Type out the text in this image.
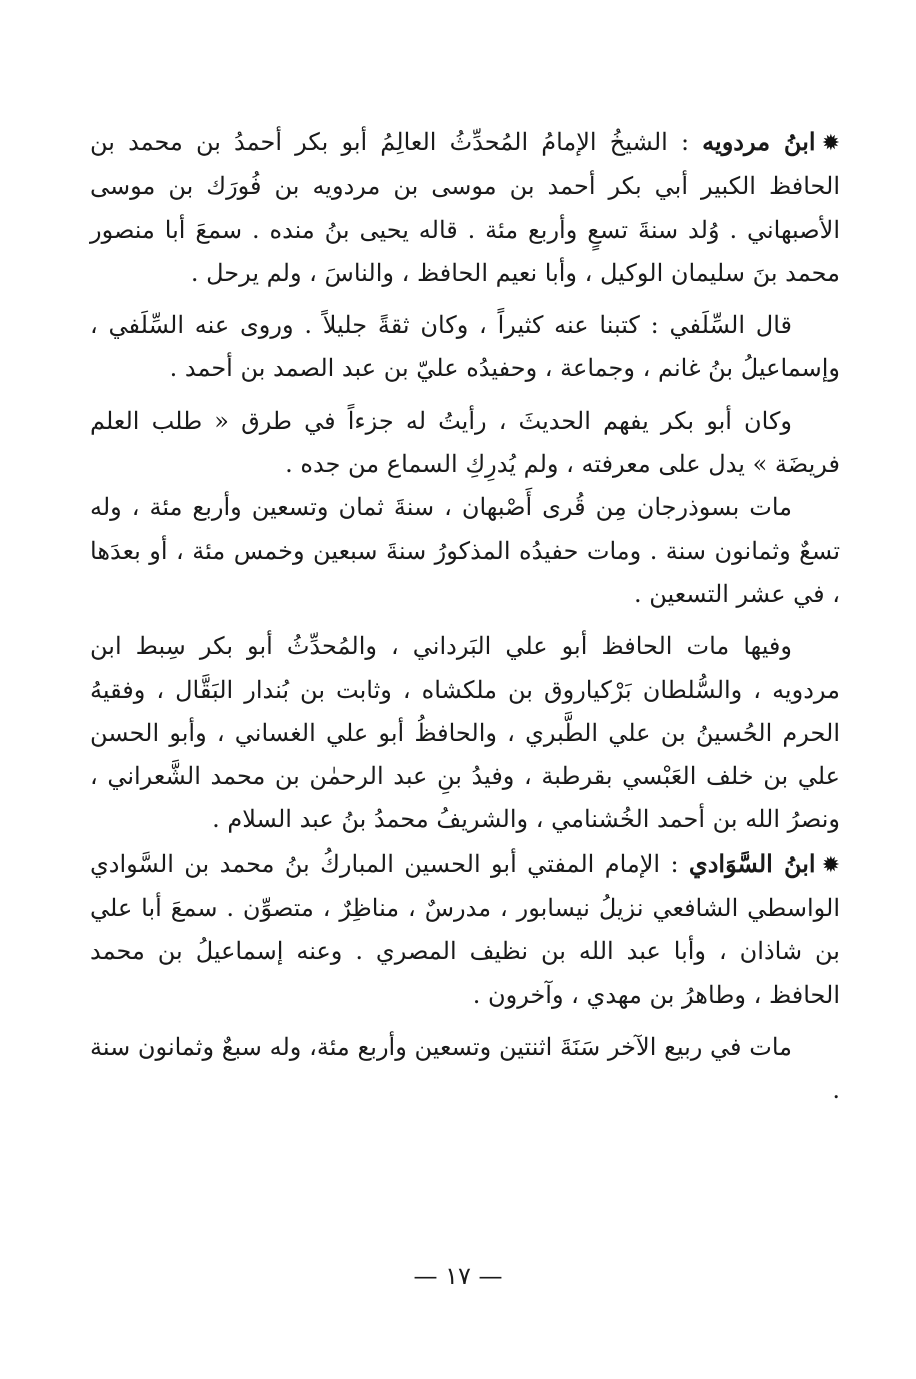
✹ابنُ مردويه : الشيخُ الإمامُ المُحدِّثُ العالِمُ أبو بكر أحمدُ بن محمد بن الحافظ الكبير أبي بكر أحمد بن موسى بن مردويه بن فُورَك بن موسى الأصبهاني . وُلد سنةَ تسعٍ وأربع مئة . قاله يحيى بنُ منده . سمعَ أبا منصور محمد بنَ سليمان الوكيل ، وأبا نعيم الحافظ ، والناسَ ، ولم يرحل .

قال السِّلَفي : كتبنا عنه كثيراً ، وكان ثقةً جليلاً . وروى عنه السِّلَفي ، وإسماعيلُ بنُ غانم ، وجماعة ، وحفيدُه عليّ بن عبد الصمد بن أحمد .

وكان أبو بكر يفهم الحديثَ ، رأيتُ له جزءاً في طرق « طلب العلم فريضَة » يدل على معرفته ، ولم يُدرِكِ السماع من جده .

مات بسوذرجان مِن قُرى أَصْبهان ، سنةَ ثمان وتسعين وأربع مئة ، وله تسعٌ وثمانون سنة . ومات حفيدُه المذكورُ سنةَ سبعين وخمس مئة ، أو بعدَها ، في عشر التسعين .

وفيها مات الحافظ أبو علي البَرداني ، والمُحدِّثُ أبو بكر سِبط ابن مردويه ، والسُّلطان بَرْكياروق بن ملكشاه ، وثابت بن بُندار البَقَّال ، وفقيهُ الحرم الحُسينُ بن علي الطَّبري ، والحافظُ أبو علي الغساني ، وأبو الحسن علي بن خلف العَبْسي بقرطبة ، وفيدُ بنِ عبد الرحمٰن بن محمد الشَّعراني ، ونصرُ الله بن أحمد الخُشنامي ، والشريفُ محمدُ بنُ عبد السلام .

✹ابنُ السَّوَادي : الإمام المفتي أبو الحسين المباركُ بنُ محمد بن السَّوادي الواسطي الشافعي نزيلُ نيسابور ، مدرسٌ ، مناظِرٌ ، متصوِّن . سمعَ أبا علي بن شاذان ، وأبا عبد الله بن نظيف المصري . وعنه إسماعيلُ بن محمد الحافظ ، وطاهرُ بن مهدي ، وآخرون .

مات في ربيع الآخر سَنَةَ اثنتين وتسعين وأربع مئة، وله سبعٌ وثمانون سنة .

— ١٧ —
